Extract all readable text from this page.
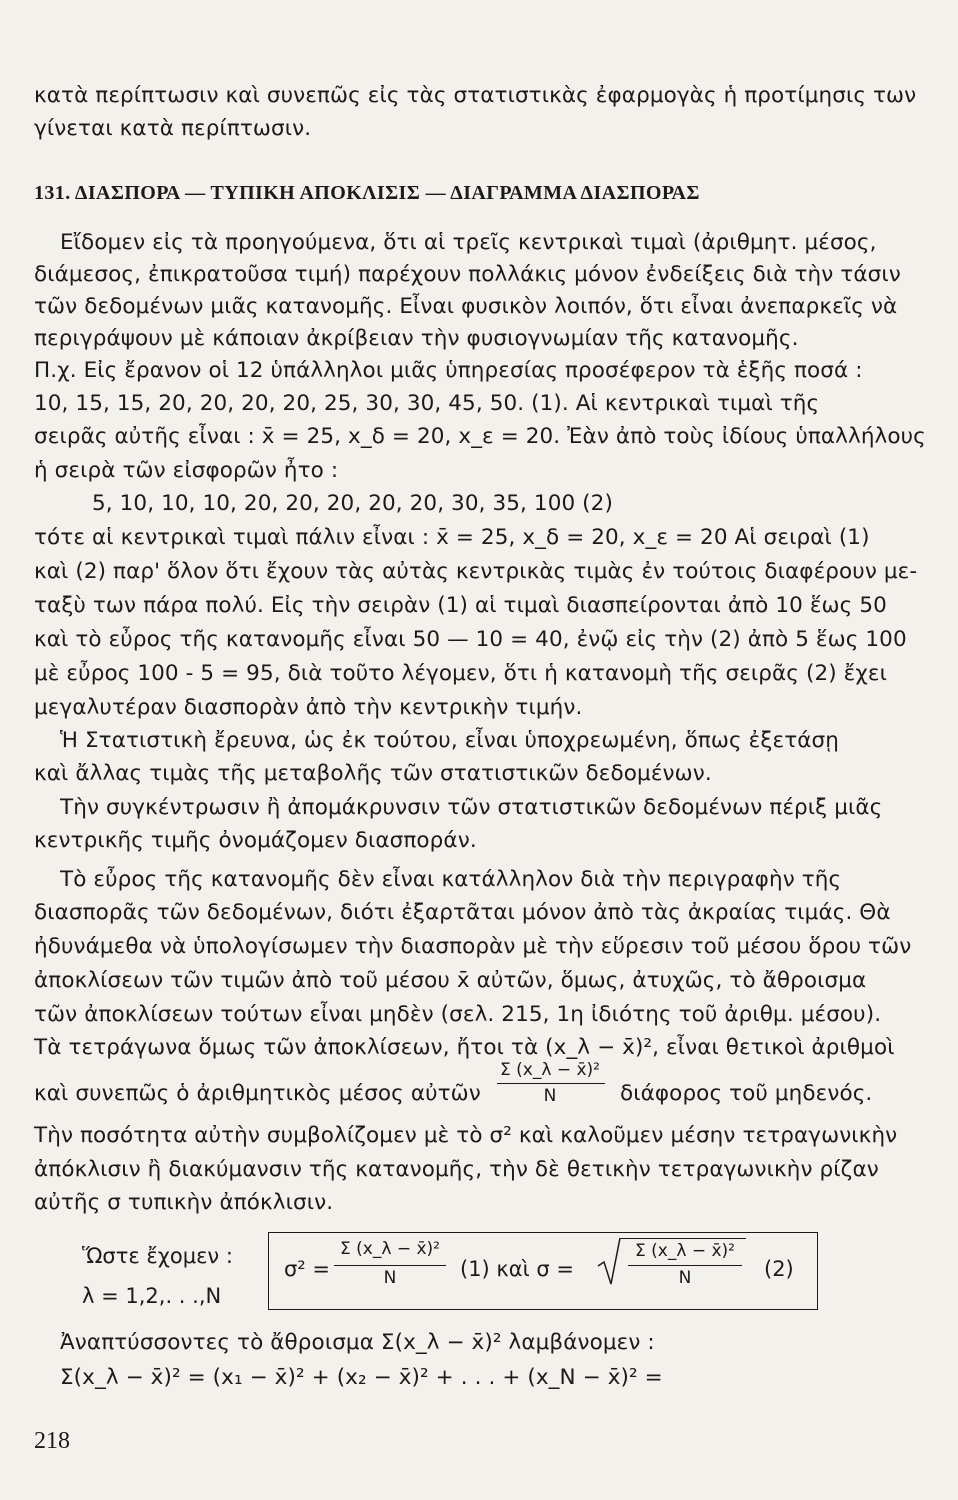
κατὰ περίπτωσιν καὶ συνεπῶς εἰς τὰς στατιστικὰς ἐφαρμογὰς ἡ προτίμησις των
γίνεται κατὰ περίπτωσιν.
131. ΔΙΑΣΠΟΡΑ — ΤΥΠΙΚΗ ΑΠΟΚΛΙΣΙΣ — ΔΙΑΓΡΑΜΜΑ ΔΙΑΣΠΟΡΑΣ
Εἴδομεν εἰς τὰ προηγούμενα, ὅτι αἱ τρεῖς κεντρικαὶ τιμαὶ (ἀριθμητ. μέσος,
διάμεσος, ἐπικρατοῦσα τιμή) παρέχουν πολλάκις μόνον ἐνδείξεις διὰ τὴν τάσιν
τῶν δεδομένων μιᾶς κατανομῆς. Εἶναι φυσικὸν λοιπόν, ὅτι εἶναι ἀνεπαρκεῖς νὰ
περιγράψουν μὲ κάποιαν ἀκρίβειαν τὴν φυσιογνωμίαν τῆς κατανομῆς.
Π.χ. Εἰς ἔρανον οἱ 12 ὑπάλληλοι μιᾶς ὑπηρεσίας προσέφερον τὰ ἑξῆς ποσά :
10, 15, 15, 20, 20, 20, 20, 25, 30, 30, 45, 50. (1). Αἱ κεντρικαὶ τιμαὶ τῆς
σειρᾶς αὐτῆς εἶναι : x̄ = 25, x_δ = 20, x_ε = 20. Ἐὰν ἀπὸ τοὺς ἰδίους ὑπαλλήλους
ἡ σειρὰ τῶν εἰσφορῶν ἦτο :
5, 10, 10, 10, 20, 20, 20, 20, 20, 30, 35, 100 (2)
τότε αἱ κεντρικαὶ τιμαὶ πάλιν εἶναι : x̄ = 25, x_δ = 20, x_ε = 20 Αἱ σειραὶ (1)
καὶ (2) παρ' ὅλον ὅτι ἔχουν τὰς αὐτὰς κεντρικὰς τιμὰς ἐν τούτοις διαφέρουν με-
ταξὺ των πάρα πολύ. Εἰς τὴν σειρὰν (1) αἱ τιμαὶ διασπείρονται ἀπὸ 10 ἕως 50
καὶ τὸ εὖρος τῆς κατανομῆς εἶναι 50 — 10 = 40, ἐνῷ εἰς τὴν (2) ἀπὸ 5 ἕως 100
μὲ εὖρος 100 - 5 = 95, διὰ τοῦτο λέγομεν, ὅτι ἡ κατανομὴ τῆς σειρᾶς (2) ἔχει
μεγαλυτέραν διασπορὰν ἀπὸ τὴν κεντρικὴν τιμήν.
Ἡ Στατιστικὴ ἔρευνα, ὡς ἐκ τούτου, εἶναι ὑποχρεωμένη, ὅπως ἐξετάσῃ
καὶ ἄλλας τιμὰς τῆς μεταβολῆς τῶν στατιστικῶν δεδομένων.
Τὴν συγκέντρωσιν ἢ ἀπομάκρυνσιν τῶν στατιστικῶν δεδομένων πέριξ μιᾶς
κεντρικῆς τιμῆς ὀνομάζομεν διασποράν.
Τὸ εὖρος τῆς κατανομῆς δὲν εἶναι κατάλληλον διὰ τὴν περιγραφὴν τῆς
διασπορᾶς τῶν δεδομένων, διότι ἐξαρτᾶται μόνον ἀπὸ τὰς ἀκραίας τιμάς. Θὰ
ἠδυνάμεθα νὰ ὑπολογίσωμεν τὴν διασπορὰν μὲ τὴν εὕρεσιν τοῦ μέσου ὅρου τῶν
ἀποκλίσεων τῶν τιμῶν ἀπὸ τοῦ μέσου x̄ αὐτῶν, ὅμως, ἀτυχῶς, τὸ ἄθροισμα
τῶν ἀποκλίσεων τούτων εἶναι μηδὲν (σελ. 215, 1η ἰδιότης τοῦ ἀριθμ. μέσου).
Τὰ τετράγωνα ὅμως τῶν ἀποκλίσεων, ἤτοι τὰ (x_λ − x̄)², εἶναι θετικοὶ ἀριθμοὶ
καὶ συνεπῶς ὁ ἀριθμητικὸς μέσος αὐτῶν
Σ (x_λ − x̄)²
N	διάφορος τοῦ μηδενός.
Τὴν ποσότητα αὐτὴν συμβολίζομεν μὲ τὸ σ² καὶ καλοῦμεν μέσην τετραγωνικὴν
ἀπόκλισιν ἢ διακύμανσιν τῆς κατανομῆς, τὴν δὲ θετικὴν τετραγωνικὴν ρίζαν
αὐτῆς σ τυπικὴν ἀπόκλισιν.
Ὥστε ἔχομεν :
λ = 1,2,. . .,N
σ² =
Σ (x_λ − x̄)²
N	(1) καὶ σ =
Σ (x_λ − x̄)²
N	(2)
Ἀναπτύσσοντες τὸ ἄθροισμα Σ(x_λ − x̄)² λαμβάνομεν :
Σ(x_λ − x̄)² = (x₁ − x̄)² + (x₂ − x̄)² + . . . + (x_N − x̄)² =
218
